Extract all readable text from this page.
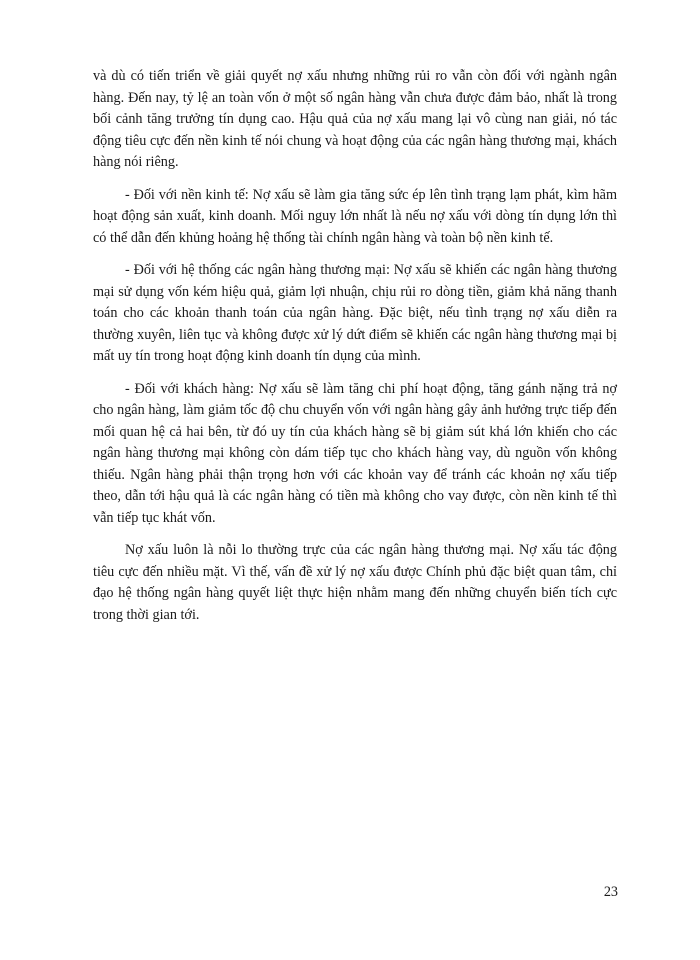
và dù có tiến triển về giải quyết nợ xấu nhưng những rủi ro vẫn còn đối với ngành ngân hàng. Đến nay, tỷ lệ an toàn vốn ở một số ngân hàng vẫn chưa được đảm bảo, nhất là trong bối cảnh tăng trưởng tín dụng cao. Hậu quả của nợ xấu mang lại vô cùng nan giải, nó tác động tiêu cực đến nền kinh tế nói chung và hoạt động của các ngân hàng thương mại, khách hàng nói riêng.

- Đối với nền kinh tế: Nợ xấu sẽ làm gia tăng sức ép lên tình trạng lạm phát, kìm hãm hoạt động sản xuất, kinh doanh. Mối nguy lớn nhất là nếu nợ xấu với dòng tín dụng lớn thì có thể dẫn đến khủng hoảng hệ thống tài chính ngân hàng và toàn bộ nền kinh tế.

- Đối với hệ thống các ngân hàng thương mại: Nợ xấu sẽ khiến các ngân hàng thương mại sử dụng vốn kém hiệu quả, giảm lợi nhuận, chịu rủi ro dòng tiền, giảm khả năng thanh toán cho các khoản thanh toán của ngân hàng. Đặc biệt, nếu tình trạng nợ xấu diễn ra thường xuyên, liên tục và không được xử lý dứt điểm sẽ khiến các ngân hàng thương mại bị mất uy tín trong hoạt động kinh doanh tín dụng của mình.

- Đối với khách hàng: Nợ xấu sẽ làm tăng chi phí hoạt động, tăng gánh nặng trả nợ cho ngân hàng, làm giảm tốc độ chu chuyển vốn với ngân hàng gây ảnh hưởng trực tiếp đến mối quan hệ cả hai bên, từ đó uy tín của khách hàng sẽ bị giảm sút khá lớn khiến cho các ngân hàng thương mại không còn dám tiếp tục cho khách hàng vay, dù nguồn vốn không thiếu. Ngân hàng phải thận trọng hơn với các khoản vay để tránh các khoản nợ xấu tiếp theo, dẫn tới hậu quả là các ngân hàng có tiền mà không cho vay được, còn nền kinh tế thì vẫn tiếp tục khát vốn.

Nợ xấu luôn là nỗi lo thường trực của các ngân hàng thương mại. Nợ xấu tác động tiêu cực đến nhiều mặt. Vì thế, vấn đề xử lý nợ xấu được Chính phủ đặc biệt quan tâm, chỉ đạo hệ thống ngân hàng quyết liệt thực hiện nhằm mang đến những chuyển biến tích cực trong thời gian tới.

23
